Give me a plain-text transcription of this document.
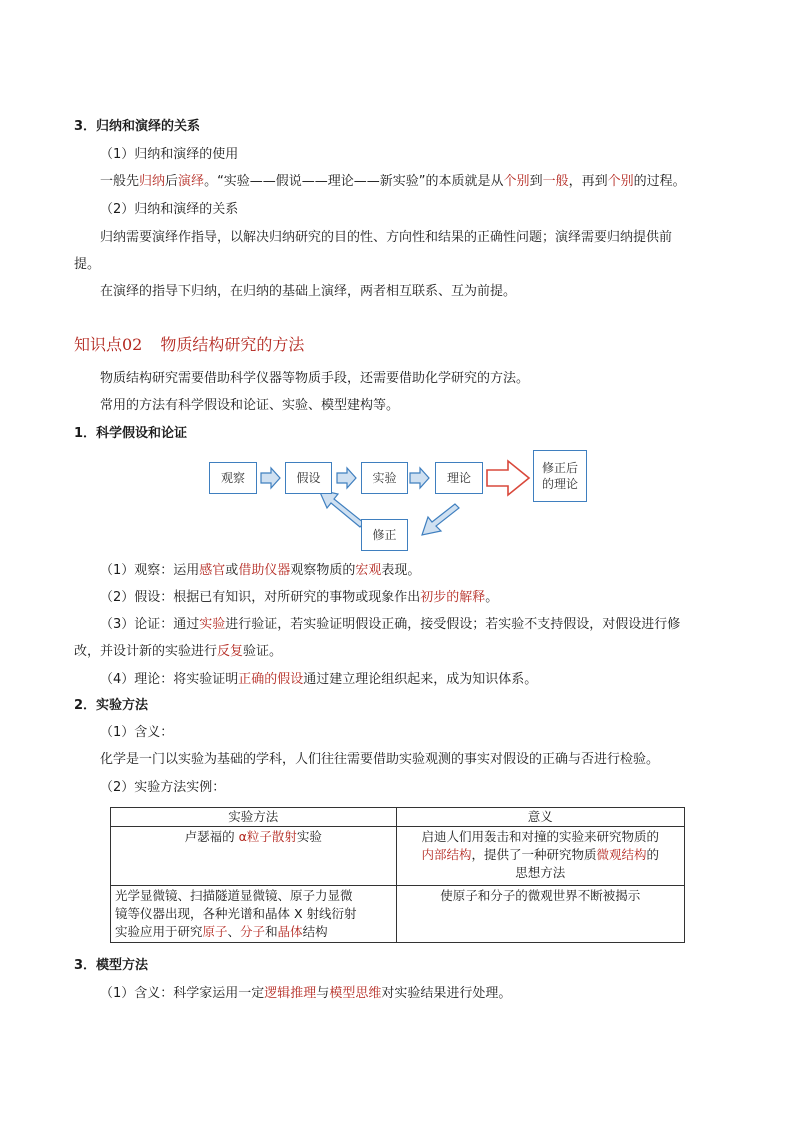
3．归纳和演绎的关系
（1）归纳和演绎的使用
一般先归纳后演绎。“实验——假说——理论——新实验”的本质就是从个别到一般，再到个别的过程。
（2）归纳和演绎的关系
归纳需要演绎作指导，以解决归纳研究的目的性、方向性和结果的正确性问题；演绎需要归纳提供前
提。
在演绎的指导下归纳，在归纳的基础上演绎，两者相互联系、互为前提。
知识点02 物质结构研究的方法
物质结构研究需要借助科学仪器等物质手段，还需要借助化学研究的方法。
常用的方法有科学假设和论证、实验、模型建构等。
1．科学假设和论证
观察	假设	实验	理论
修正后
的理论
修正
（1）观察：运用感官或借助仪器观察物质的宏观表现。
（2）假设：根据已有知识，对所研究的事物或现象作出初步的解释。
（3）论证：通过实验进行验证，若实验证明假设正确，接受假设；若实验不支持假设，对假设进行修
改，并设计新的实验进行反复验证。
（4）理论：将实验证明正确的假设通过建立理论组织起来，成为知识体系。
2．实验方法
（1）含义：
化学是一门以实验为基础的学科，人们往往需要借助实验观测的事实对假设的正确与否进行检验。
（2）实验方法实例：
实验方法	意义
卢瑟福的 α粒子散射实验	启迪人们用轰击和对撞的实验来研究物质的
内部结构，提供了一种研究物质微观结构的
思想方法
光学显微镜、扫描隧道显微镜、原子力显微
镜等仪器出现，各种光谱和晶体 X 射线衍射
实验应用于研究原子、分子和晶体结构	使原子和分子的微观世界不断被揭示
3．模型方法
（1）含义：科学家运用一定逻辑推理与模型思维对实验结果进行处理。
